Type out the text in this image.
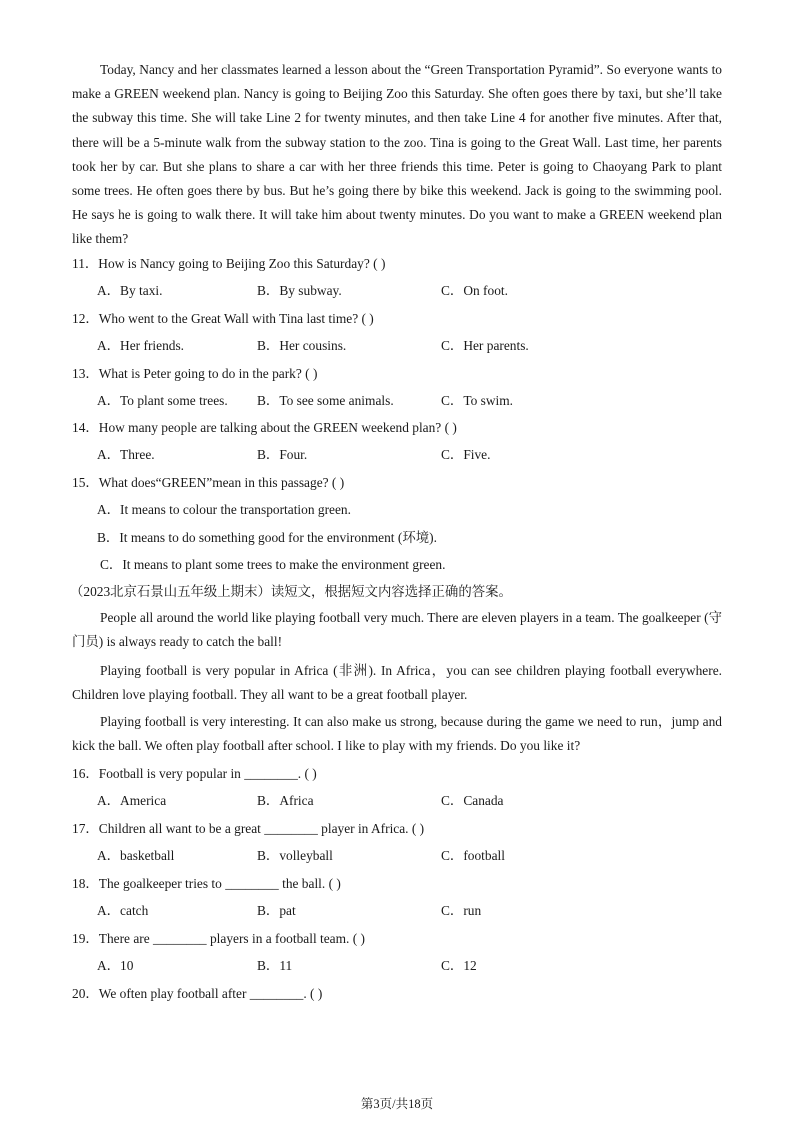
Today, Nancy and her classmates learned a lesson about the “Green Transportation Pyramid”. So everyone wants to make a GREEN weekend plan. Nancy is going to Beijing Zoo this Saturday. She often goes there by taxi, but she’ll take the subway this time. She will take Line 2 for twenty minutes, and then take Line 4 for another five minutes. After that, there will be a 5-minute walk from the subway station to the zoo. Tina is going to the Great Wall. Last time, her parents took her by car. But she plans to share a car with her three friends this time. Peter is going to Chaoyang Park to plant some trees. He often goes there by bus. But he’s going there by bike this weekend. Jack is going to the swimming pool. He says he is going to walk there. It will take him about twenty minutes. Do you want to make a GREEN weekend plan like them?

11．How is Nancy going to Beijing Zoo this Saturday? ( )
A．By taxi.	B．By subway.	C．On foot.
12．Who went to the Great Wall with Tina last time? ( )
A．Her friends.	B．Her cousins.	C．Her parents.
13．What is Peter going to do in the park? ( )
A．To plant some trees. B．To see some animals.	C．To swim.
14．How many people are talking about the GREEN weekend plan? ( )
A．Three.	B．Four.	C．Five.
15．What does“GREEN”mean in this passage? ( )
A．It means to colour the transportation green.
B．It means to do something good for the environment (环境).
C．It means to plant some trees to make the environment green.
（2023北京石景山五年级上期末）读短文，根据短文内容选择正确的答案。

People all around the world like playing football very much. There are eleven players in a team. The goalkeeper (守门员) is always ready to catch the ball!

Playing football is very popular in Africa (非洲). In Africa，you can see children playing football everywhere. Children love playing football. They all want to be a great football player.

Playing football is very interesting. It can also make us strong, because during the game we need to run，jump and kick the ball. We often play football after school. I like to play with my friends. Do you like it?

16．Football is very popular in ________. ( )
A．America	B．Africa	C．Canada
17．Children all want to be a great ________ player in Africa. ( )
A．basketball	B．volleyball	C．football
18．The goalkeeper tries to ________ the ball. ( )
A．catch	B．pat	C．run
19．There are ________ players in a football team. ( )
A．10	B．11	C．12
20．We often play football after ________. ( )
第3页/共18页
